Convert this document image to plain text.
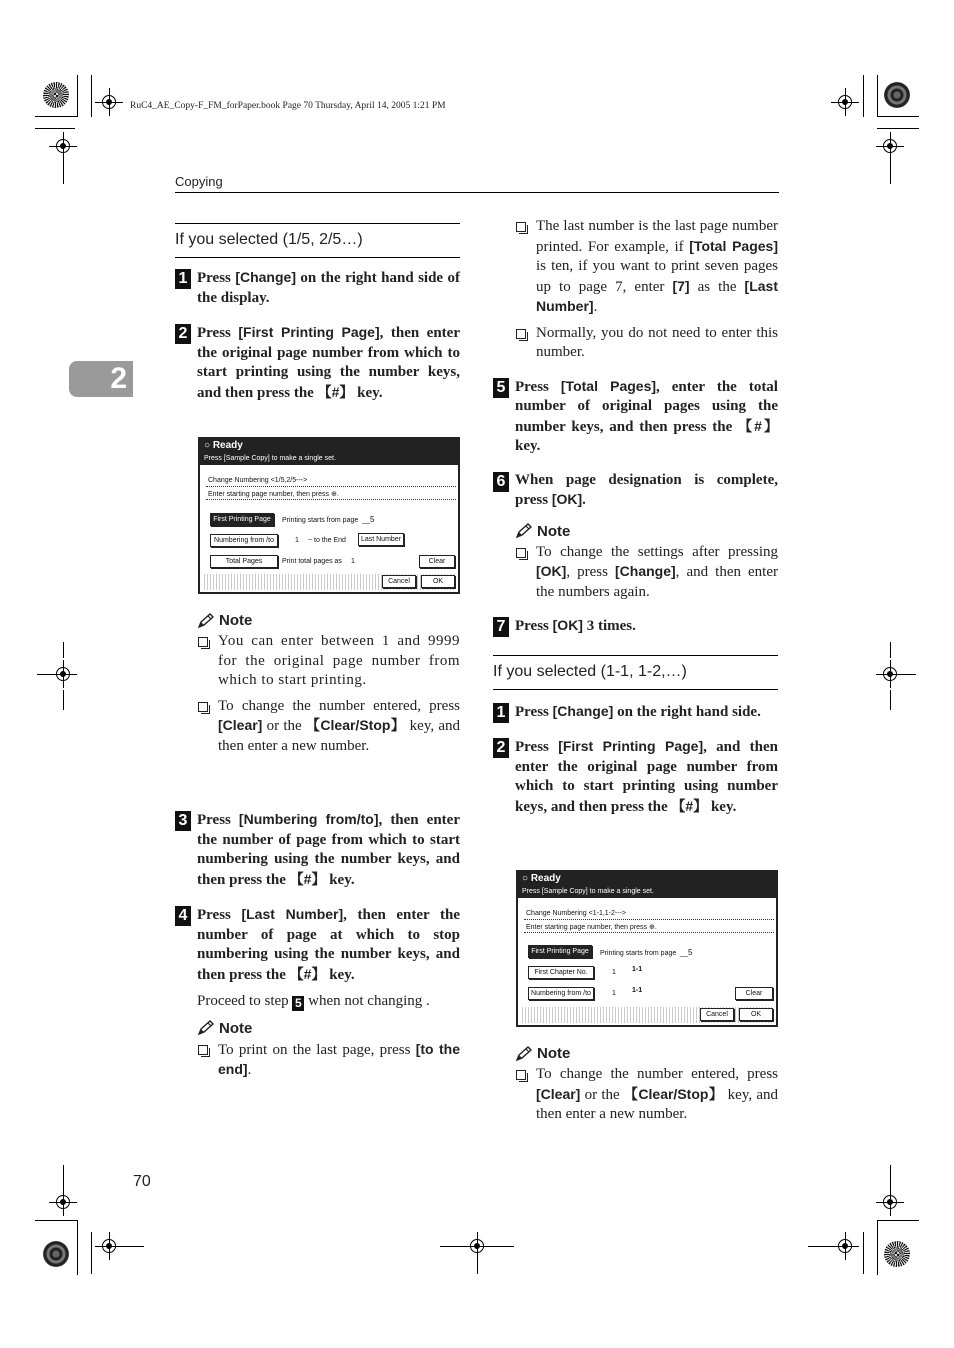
RuC4_AE_Copy-F_FM_forPaper.book Page 70 Thursday, April 14, 2005 1:21 PM
Copying
2
If you selected (1/5, 2/5…)
1 Press [Change] on the right hand side of the display.
2 Press [First Printing Page], then enter the original page number from which to start printing using the number keys, and then press the 【#】 key.
○ Ready
Press [Sample Copy] to make a single set.
Change Numbering <1/5,2/5--->
Enter starting page number, then press ⊕.
First Printing Page	Printing starts from page  __5
Numbering from /to	1 ~ to the End	Last Number
Total Pages	Print total pages as 1	Clear
Cancel	OK
Note
You can enter between 1 and 9999 for the original page number from which to start printing.
To change the number entered, press [Clear] or the 【Clear/Stop】 key, and then enter a new number.
3 Press [Numbering from/to], then enter the number of page from which to start numbering using the number keys, and then press the 【#】 key.
4 Press [Last Number], then enter the number of page at which to stop numbering using the number keys, and then press the 【#】 key.
Proceed to step 5 when not changing .
Note
To print on the last page, press [to the end].
The last number is the last page number printed. For example, if [Total Pages] is ten, if you want to print seven pages up to page 7, enter [7] as the [Last Number].
Normally, you do not need to enter this number.
5 Press [Total Pages], enter the total number of original pages using the number keys, and then press the 【#】 key.
6 When page designation is complete, press [OK].
Note
To change the settings after pressing [OK], press [Change], and then enter the numbers again.
7 Press [OK] 3 times.
If you selected (1-1, 1-2,…)
1 Press [Change] on the right hand side.
2 Press [First Printing Page], and then enter the original page number from which to start printing using number keys, and then press the 【#】 key.
○ Ready
Press [Sample Copy] to make a single set.
Change Numbering <1-1,1-2--->
Enter starting page number, then press ⊕.
First Printing Page	Printing starts from page  __5
First Chapter No.	1 1-1
Numbering from /to	1 1-1	Clear
Cancel	OK
Note
To change the number entered, press [Clear] or the 【Clear/Stop】 key, and then enter a new number.
70
